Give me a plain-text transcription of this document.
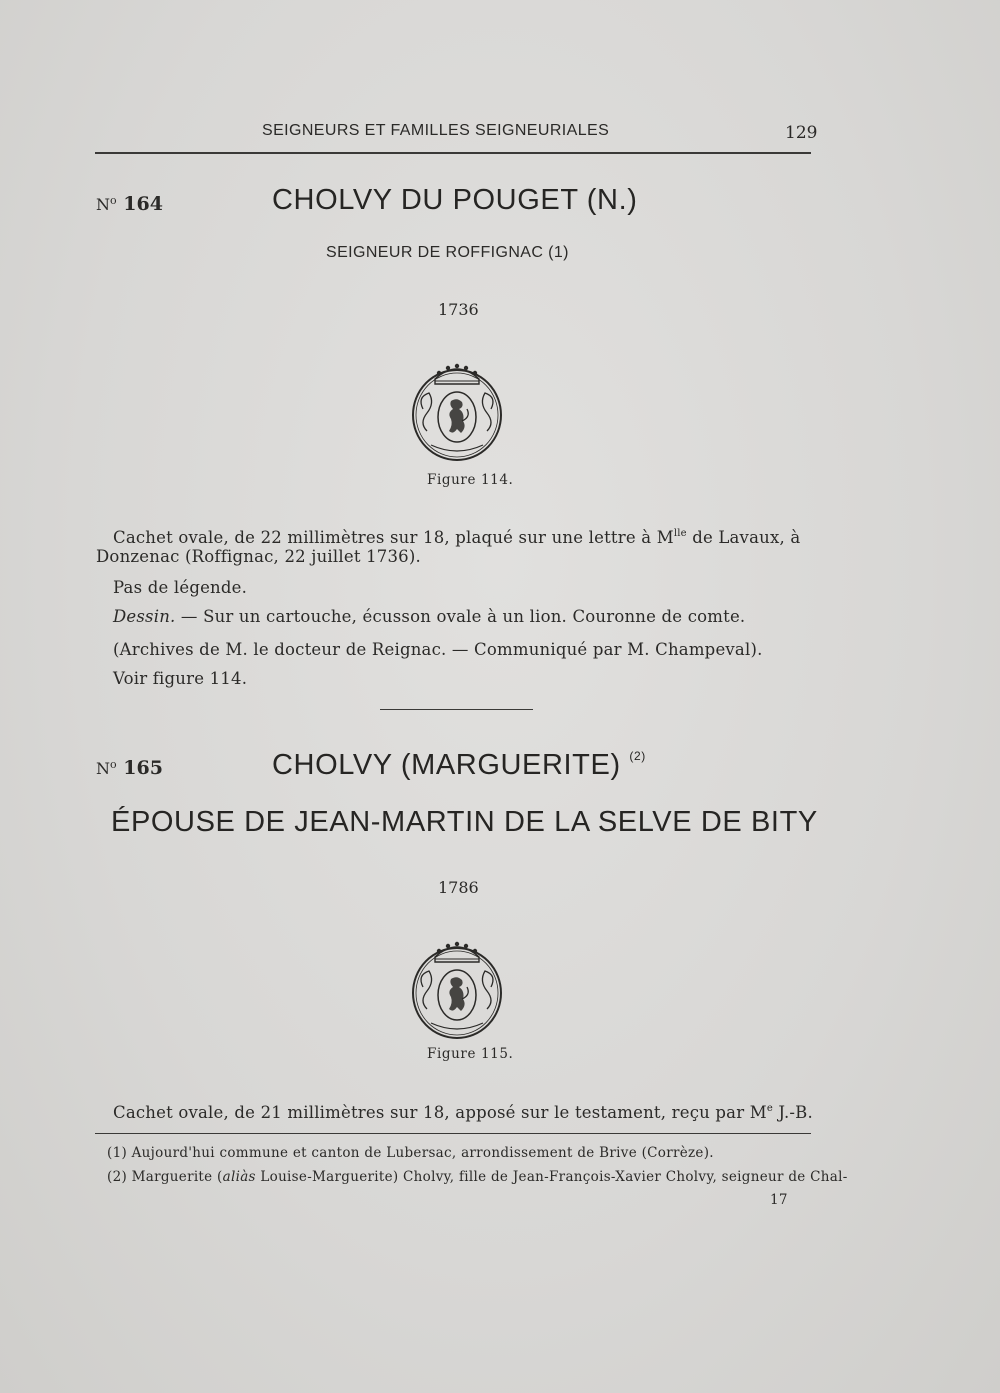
SEIGNEURS ET FAMILLES SEIGNEURIALES	129
$N^o$ 164	CHOLVY DU POUGET (N.)
SEIGNEUR DE ROFFIGNAC (1)
1736
Figure 114.
Cachet ovale, de 22 millimètres sur 18, plaqué sur une lettre à $M^{lle}$ de Lavaux, à
Donzenac (Roffignac, 22 juillet 1736).
Pas de légende.
Dessin. — Sur un cartouche, écusson ovale à un lion. Couronne de comte.
(Archives de M. le docteur de Reignac. — Communiqué par M. Champeval).
Voir figure 114.
$N^o$ 165	CHOLVY (MARGUERITE) $^{(2)}$
ÉPOUSE DE JEAN-MARTIN DE LA SELVE DE BITY
1786
Figure 115.
Cachet ovale, de 21 millimètres sur 18, apposé sur le testament, reçu par Me J.-B.
(1) Aujourd'hui commune et canton de Lubersac, arrondissement de Brive (Corrèze).
(2) Marguerite (aliàs Louise-Marguerite) Cholvy, fille de Jean-François-Xavier Cholvy, seigneur de Chal-
17
